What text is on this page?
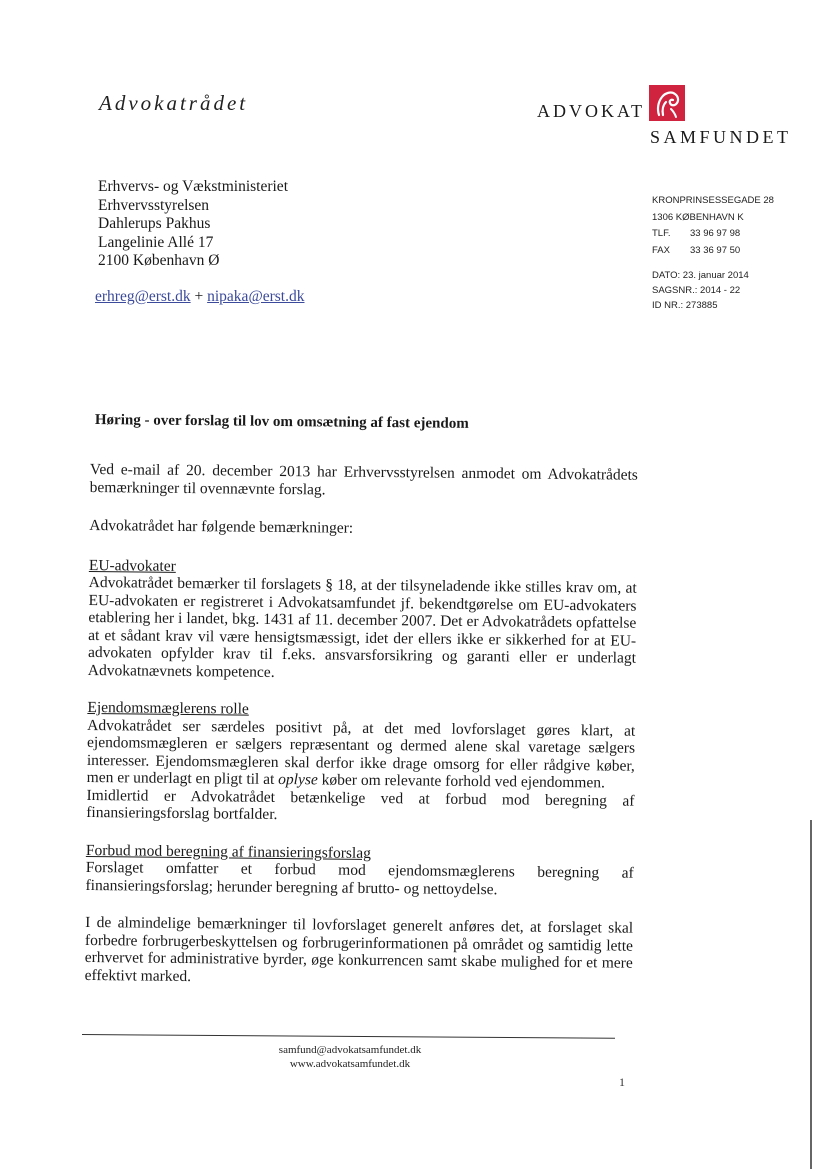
Advokatrådet	ADVOKAT
SAMFUNDET
Erhvervs- og Vækstministeriet
Erhvervsstyrelsen
Dahlerups Pakhus
Langelinie Allé 17
2100 København Ø
erhreg@erst.dk + nipaka@erst.dk
KRONPRINSESSEGADE 28
1306 KØBENHAVN K
TLF.	33 96 97 98
FAX	33 36 97 50
DATO: 23. januar 2014
SAGSNR.: 2014 - 22
ID NR.: 273885
Høring - over forslag til lov om omsætning af fast ejendom

Ved e-mail af 20. december 2013 har Erhvervsstyrelsen anmodet om Advokatrådets bemærkninger til ovennævnte forslag.

Advokatrådet har følgende bemærkninger:

EU-advokater

Advokatrådet bemærker til forslagets § 18, at der tilsyneladende ikke stilles krav om, at EU-advokaten er registreret i Advokatsamfundet jf. bekendtgørelse om EU-advokaters etablering her i landet, bkg. 1431 af 11. december 2007. Det er Advokatrådets opfattelse at et sådant krav vil være hensigtsmæssigt, idet der ellers ikke er sikkerhed for at EU-advokaten opfylder krav til f.eks. ansvarsforsikring og garanti eller er underlagt Advokatnævnets kompetence.

Ejendomsmæglerens rolle

Advokatrådet ser særdeles positivt på, at det med lovforslaget gøres klart, at ejendomsmægleren er sælgers repræsentant og dermed alene skal varetage sælgers interesser. Ejendomsmægleren skal derfor ikke drage omsorg for eller rådgive køber, men er underlagt en pligt til at oplyse køber om relevante forhold ved ejendommen.

Imidlertid er Advokatrådet betænkelige ved at forbud mod beregning af finansieringsforslag bortfalder.

Forbud mod beregning af finansieringsforslag

Forslaget omfatter et forbud mod ejendomsmæglerens beregning af finansieringsforslag; herunder beregning af brutto- og nettoydelse.

I de almindelige bemærkninger til lovforslaget generelt anføres det, at forslaget skal forbedre forbrugerbeskyttelsen og forbrugerinformationen på området og samtidig lette erhvervet for administrative byrder, øge konkurrencen samt skabe mulighed for et mere effektivt marked.

samfund@advokatsamfundet.dk
www.advokatsamfundet.dk
1
